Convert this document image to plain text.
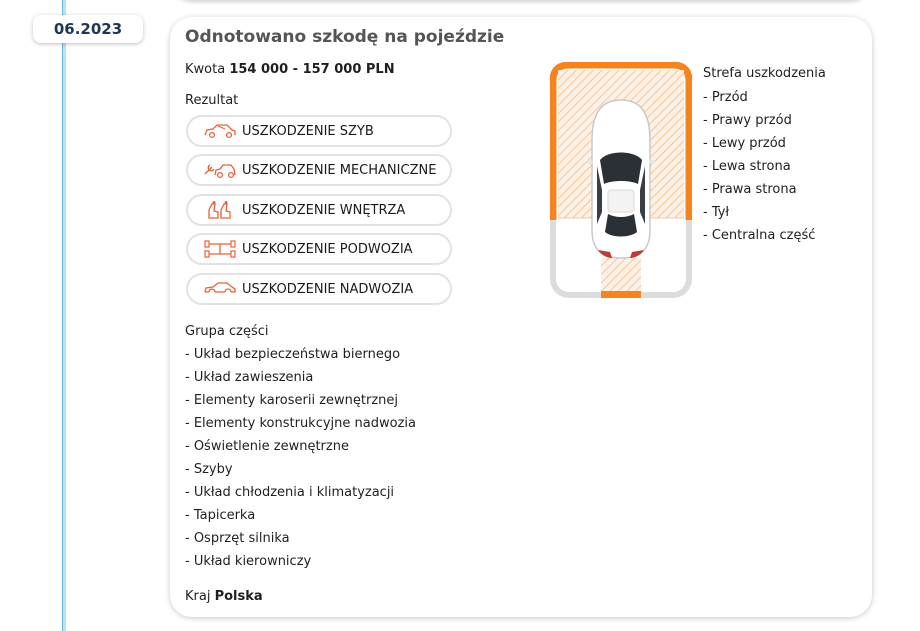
06.2023	Odnotowano szkodę na pojeździe
Kwota 154 000 - 157 000 PLN
Rezultat
USZKODZENIE SZYB
USZKODZENIE MECHANICZNE
USZKODZENIE WNĘTRZA
USZKODZENIE PODWOZIA
USZKODZENIE NADWOZIA
Grupa części
- Układ bezpieczeństwa biernego
- Układ zawieszenia
- Elementy karoserii zewnętrznej
- Elementy konstrukcyjne nadwozia
- Oświetlenie zewnętrzne
- Szyby
- Układ chłodzenia i klimatyzacji
- Tapicerka
- Osprzęt silnika
- Układ kierowniczy
Kraj Polska
Strefa uszkodzenia
- Przód
- Prawy przód
- Lewy przód
- Lewa strona
- Prawa strona
- Tył
- Centralna część
